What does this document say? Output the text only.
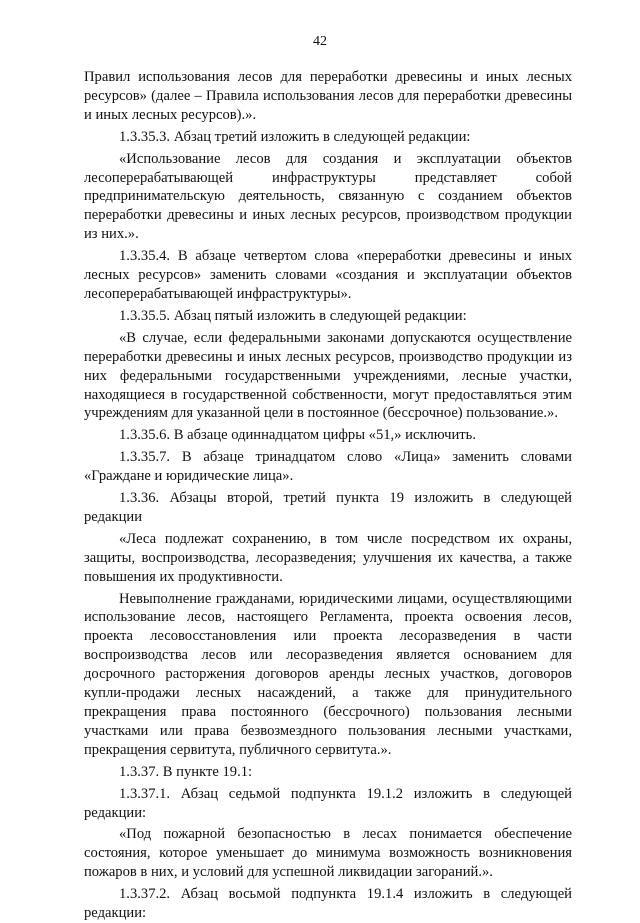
42

Правил использования лесов для переработки древесины и иных лесных ресурсов» (далее – Правила использования лесов для переработки древесины и иных лесных ресурсов).».

1.3.35.3. Абзац третий изложить в следующей редакции:

«Использование лесов для создания и эксплуатации объектов лесоперерабатывающей инфраструктуры представляет собой предпринимательскую деятельность, связанную с созданием объектов переработки древесины и иных лесных ресурсов, производством продукции из них.».

1.3.35.4. В абзаце четвертом слова «переработки древесины и иных лесных ресурсов» заменить словами «создания и эксплуатации объектов лесоперерабатывающей инфраструктуры».

1.3.35.5. Абзац пятый изложить в следующей редакции:

«В случае, если федеральными законами допускаются осуществление переработки древесины и иных лесных ресурсов, производство продукции из них федеральными государственными учреждениями, лесные участки, находящиеся в государственной собственности, могут предоставляться этим учреждениям для указанной цели в постоянное (бессрочное) пользование.».

1.3.35.6. В абзаце одиннадцатом цифры «51,» исключить.

1.3.35.7. В абзаце тринадцатом слово «Лица» заменить словами «Граждане и юридические лица».

1.3.36. Абзацы второй, третий пункта 19 изложить в следующей редакции

«Леса подлежат сохранению, в том числе посредством их охраны, защиты, воспроизводства, лесоразведения; улучшения их качества, а также повышения их продуктивности.

Невыполнение гражданами, юридическими лицами, осуществляющими использование лесов, настоящего Регламента, проекта освоения лесов, проекта лесовосстановления или проекта лесоразведения в части воспроизводства лесов или лесоразведения является основанием для досрочного расторжения договоров аренды лесных участков, договоров купли-продажи лесных насаждений, а также для принудительного прекращения права постоянного (бессрочного) пользования лесными участками или права безвозмездного пользования лесными участками, прекращения сервитута, публичного сервитута.».

1.3.37. В пункте 19.1:

1.3.37.1. Абзац седьмой подпункта 19.1.2 изложить в следующей редакции:

«Под пожарной безопасностью в лесах понимается обеспечение состояния, которое уменьшает до минимума возможность возникновения пожаров в них, и условий для успешной ликвидации загораний.».

1.3.37.2. Абзац восьмой подпункта 19.1.4 изложить в следующей редакции:
